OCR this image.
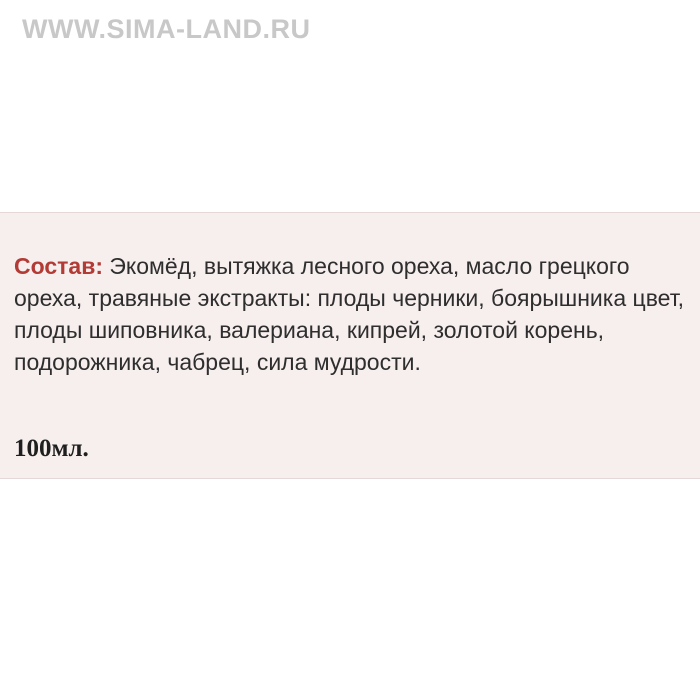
WWW.SIMA-LAND.RU
Состав: Экомёд, вытяжка лесного ореха, масло грецкого ореха, травяные экстракты: плоды черники, боярышника цвет, плоды шиповника, валериана, кипрей, золотой корень, подорожника, чабрец, сила мудрости.
100мл.
